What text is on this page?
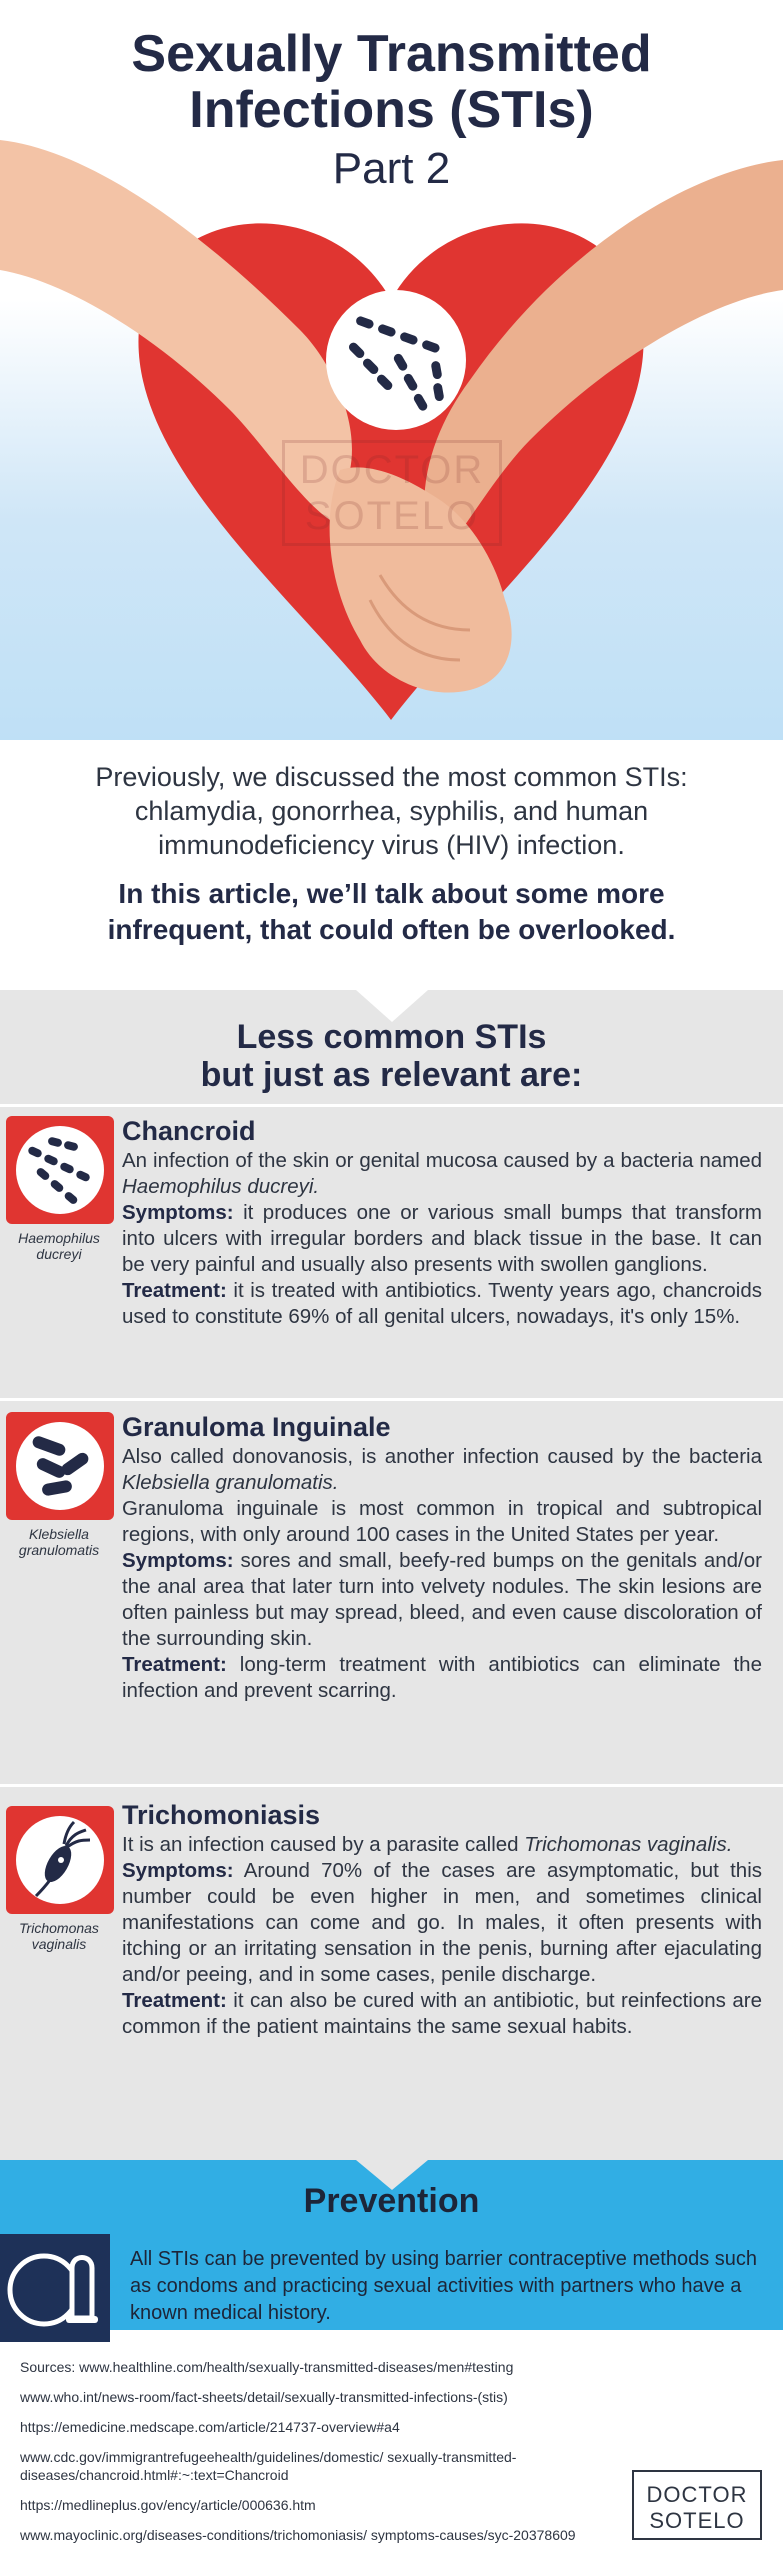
Sexually Transmitted
Infections (STIs)
Part 2
DOCTOR
SOTELO

Previously, we discussed the most common STIs: chlamydia, gonorrhea, syphilis, and human immunodeficiency virus (HIV) infection.

In this article, we’ll talk about some more infrequent, that could often be overlooked.

Less common STIs
but just as relevant are:
Haemophilus
ducreyi
Chancroid

An infection of the skin or genital mucosa caused by a bacteria named Haemophilus ducreyi.

Symptoms: it produces one or various small bumps that transform into ulcers with irregular borders and black tissue in the base. It can be very painful and usually also presents with swollen ganglions.

Treatment: it is treated with antibiotics. Twenty years ago, chancroids used to constitute 69% of all genital ulcers, nowadays, it's only 15%.

Klebsiella
granulomatis
Granuloma Inguinale

Also called donovanosis, is another infection caused by the bacteria Klebsiella granulomatis.

Granuloma inguinale is most common in tropical and subtropical regions, with only around 100 cases in the United States per year.

Symptoms: sores and small, beefy-red bumps on the genitals and/or the anal area that later turn into velvety nodules. The skin lesions are often painless but may spread, bleed, and even cause discoloration of the surrounding skin.

Treatment: long-term treatment with antibiotics can eliminate the infection and prevent scarring.

Trichomonas
vaginalis
Trichomoniasis

It is an infection caused by a parasite called Trichomonas vaginalis.

Symptoms: Around 70% of the cases are asymptomatic, but this number could be even higher in men, and sometimes clinical manifestations can come and go. In males, it often presents with itching or an irritating sensation in the penis, burning after ejaculating and/or peeing, and in some cases, penile discharge.

Treatment: it can also be cured with an antibiotic, but reinfections are common if the patient maintains the same sexual habits.

Prevention

All STIs can be prevented by using barrier contraceptive methods such as condoms and practicing sexual activities with partners who have a known medical history.

Sources: www.healthline.com/health/sexually-transmitted-diseases/men#testing
www.who.int/news-room/fact-sheets/detail/sexually-transmitted-infections-(stis)
https://emedicine.medscape.com/article/214737-overview#a4
www.cdc.gov/immigrantrefugeehealth/guidelines/domestic/ sexually-transmitted-diseases/chancroid.html#:~:text=Chancroid
https://medlineplus.gov/ency/article/000636.htm
www.mayoclinic.org/diseases-conditions/trichomoniasis/ symptoms-causes/syc-20378609
DOCTOR
SOTELO
